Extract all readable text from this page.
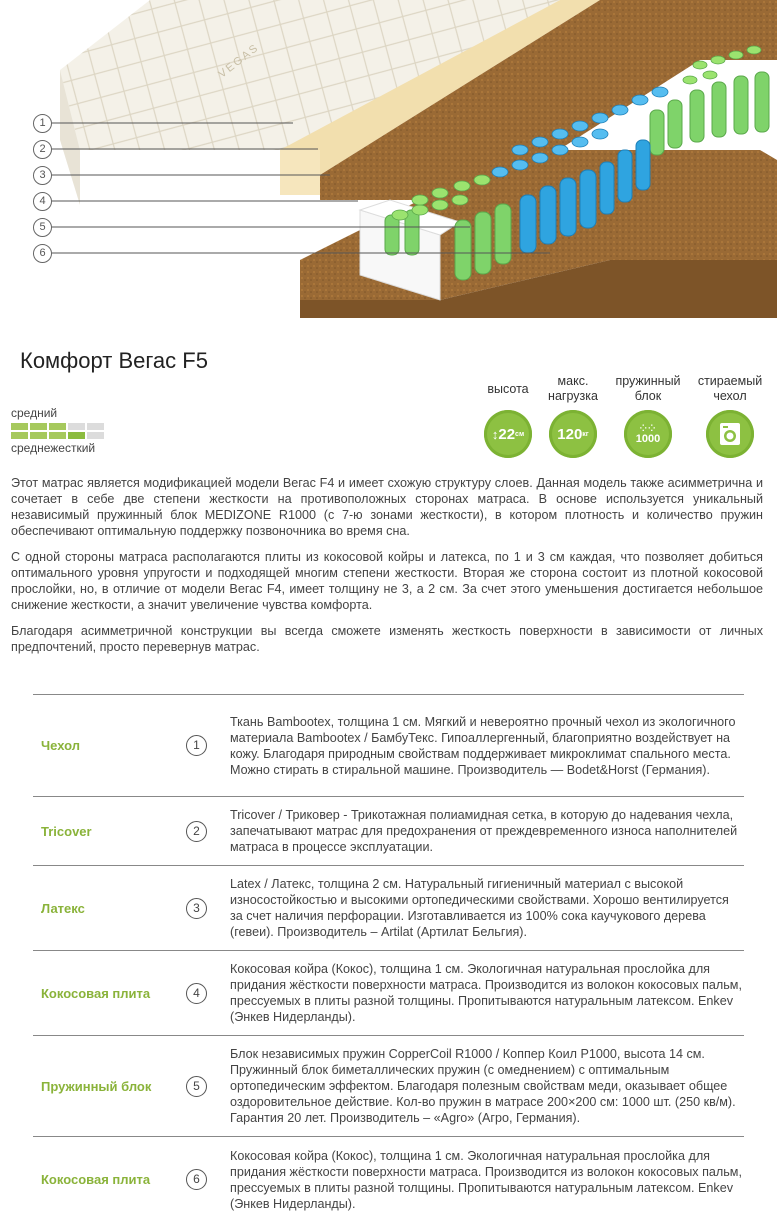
1
2
3
4
5
6
VEGAS
Комфорт Вегас F5
средний
среднежесткий
высота
↕ 22 см
макс. нагрузка
120 кг
пружинный блок
⁘⁘
1000
стираемый чехол

Этот матрас является модификацией модели Вегас F4 и имеет схожую структуру слоев. Данная модель также асимметрична и сочетает в себе две степени жесткости на противоположных сторонах матраса. В основе используется уникальный независимый пружинный блок MEDIZONE R1000 (с 7-ю зонами жесткости), в котором плотность и количество пружин обеспечивают оптимальную поддержку позвоночника во время сна.

С одной стороны матраса располагаются плиты из кокосовой койры и латекса, по 1 и 3 см каждая, что позволяет добиться оптимального уровня упругости и подходящей многим степени жесткости. Вторая же сторона состоит из плотной кокосовой прослойки, но, в отличие от модели Вегас F4, имеет толщину не 3, а 2 см. За счет этого уменьшения достигается небольшое снижение жесткости, а значит увеличение чувства комфорта.

Благодаря асимметричной конструкции вы всегда сможете изменять жесткость поверхности в зависимости от личных предпочтений, просто перевернув матрас.

Чехол	1
Ткань Bambootex, толщина 1 см. Мягкий и невероятно прочный чехол из экологичного материала Bambootex / БамбуТекс. Гипоаллергенный, благоприятно воздействует на кожу. Благодаря природным свойствам поддерживает микроклимат спального места. Можно стирать в стиральной машине. Производитель — Bodet&Horst (Германия).
Tricover	2
Tricover / Триковер - Трикотажная полиамидная сетка, в которую до надевания чехла, запечатывают матрас для предохранения от преждевременного износа наполнителей матраса в процессе эксплуатации.
Латекс	3
Latex / Латекс, толщина 2 см. Натуральный гигиеничный материал с высокой износостойкостью и высокими ортопедическими свойствами. Хорошо вентилируется за счет наличия перфорации. Изготавливается из 100% сока каучукового дерева (гевеи). Производитель – Artilat (Артилат Бельгия).
Кокосовая плита	4
Кокосовая койра (Кокос), толщина 1 см. Экологичная натуральная прослойка для придания жёсткости поверхности матраса. Производится из волокон кокосовых пальм, прессуемых в плиты разной толщины. Пропитываются натуральным латексом. Enkev (Энкев Нидерланды).
Пружинный блок	5
Блок независимых пружин CopperCoil R1000 / Коппер Коил Р1000, высота 14 см. Пружинный блок биметаллических пружин (с омеднением) с оптимальным ортопедическим эффектом. Благодаря полезным свойствам меди, оказывает общее оздоровительное действие. Кол-во пружин в матрасе 200×200 см: 1000 шт. (250 кв/м). Гарантия 20 лет. Производитель – «Agro» (Агро, Германия).
Кокосовая плита	6
Кокосовая койра (Кокос), толщина 1 см. Экологичная натуральная прослойка для придания жёсткости поверхности матраса. Производится из волокон кокосовых пальм, прессуемых в плиты разной толщины. Пропитываются натуральным латексом. Enkev (Энкев Нидерланды).
